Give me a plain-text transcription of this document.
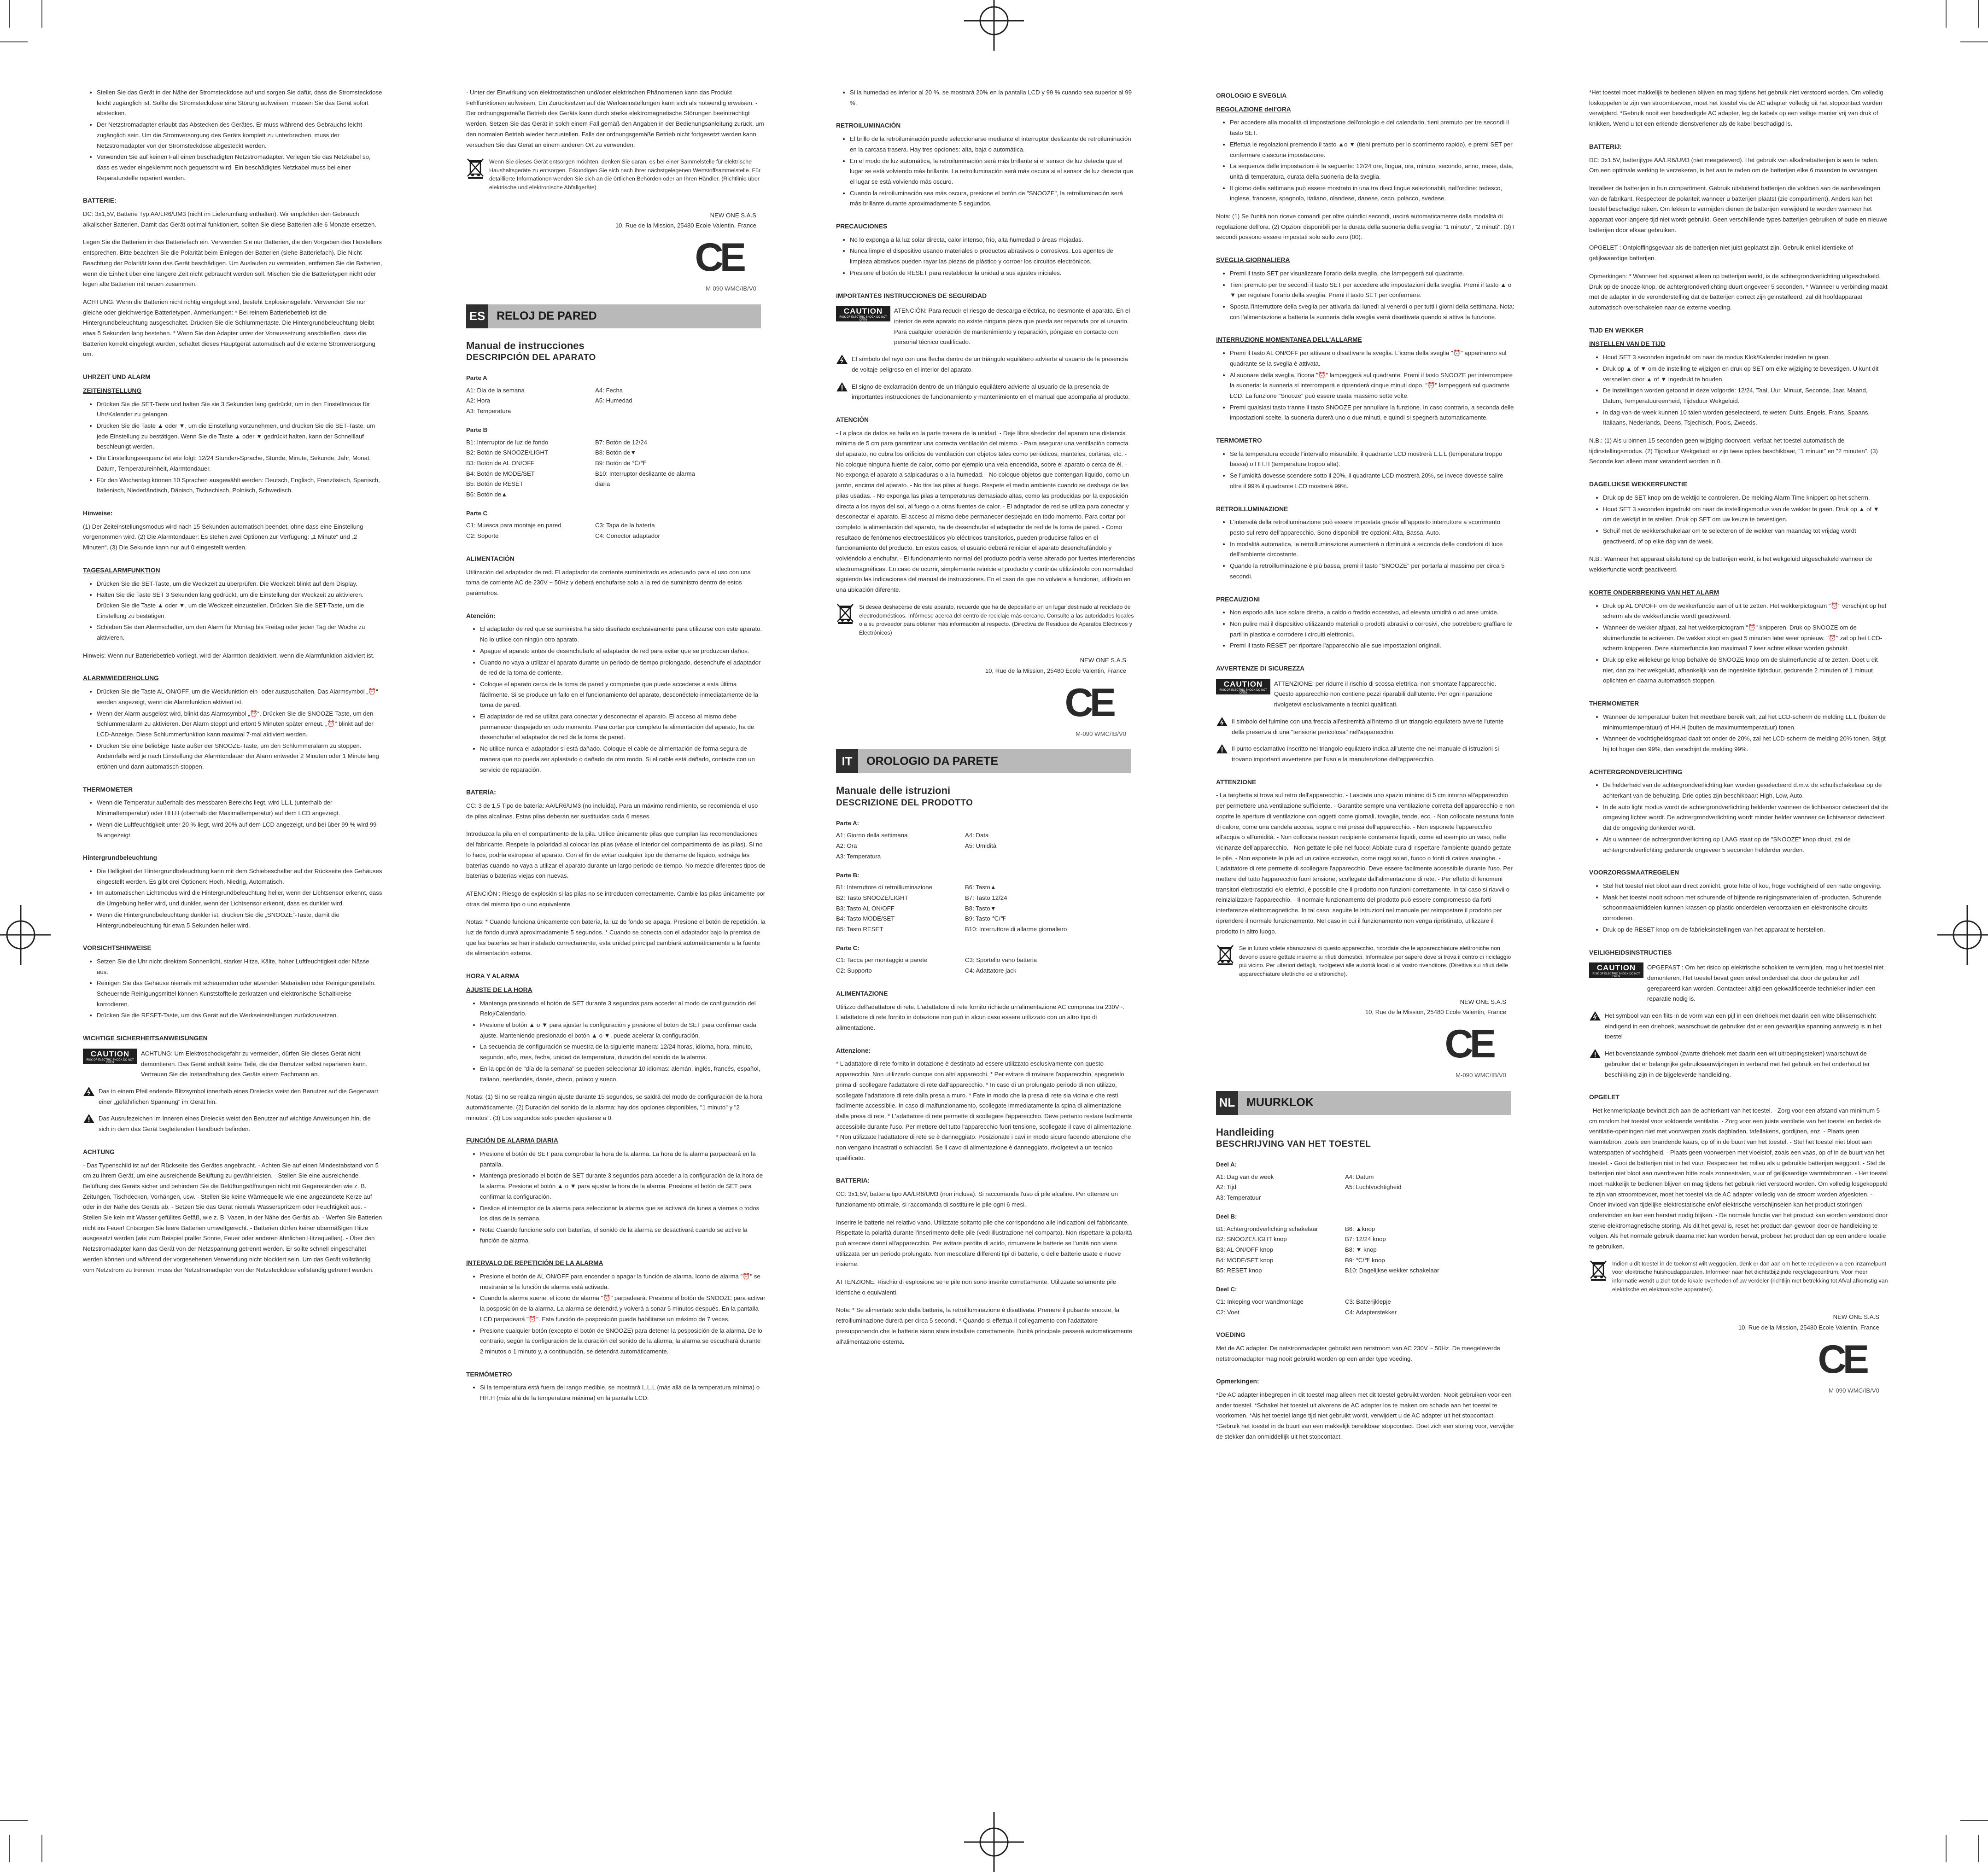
• Stellen Sie das Gerät in der Nähe der Stromsteckdose auf und sorgen Sie dafür, dass die Stromsteckdose leicht zugänglich ist. Sollte die Stromsteckdose eine Störung aufweisen, müssen Sie das Gerät sofort abstecken.
• Der Netzstromadapter erlaubt das Abstecken des Gerätes. Er muss während des Gebrauchs leicht zugänglich sein. Um die Stromversorgung des Geräts komplett zu unterbrechen, muss der Netzstromadapter von der Stromsteckdose abgesteckt werden.
• Verwenden Sie auf keinen Fall einen beschädigten Netzstromadapter. Verlegen Sie das Netzkabel so, dass es weder eingeklemmt noch gequetscht wird. Ein beschädigtes Netzkabel muss bei einer Reparaturstelle repariert werden.
BATTERIE:

DC: 3x1,5V, Batterie Typ AA/LR6/UM3 (nicht im Lieferumfang enthalten). Wir empfehlen den Gebrauch alkalischer Batterien. Damit das Gerät optimal funktioniert, sollten Sie diese Batterien alle 6 Monate ersetzen.

Legen Sie die Batterien in das Batteriefach ein. Verwenden Sie nur Batterien, die den Vorgaben des Herstellers entsprechen. Bitte beachten Sie die Polarität beim Einlegen der Batterien (siehe Batteriefach). Die Nicht-Beachtung der Polarität kann das Gerät beschädigen. Um Auslaufen zu vermeiden, entfernen Sie die Batterien, wenn die Einheit über eine längere Zeit nicht gebraucht werden soll. Mischen Sie die Batterietypen nicht oder legen alte Batterien mit neuen zusammen.

ACHTUNG: Wenn die Batterien nicht richtig eingelegt sind, besteht Explosionsgefahr. Verwenden Sie nur gleiche oder gleichwertige Batterietypen. Anmerkungen: * Bei reinem Batteriebetrieb ist die Hintergrundbeleuchtung ausgeschaltet. Drücken Sie die Schlummertaste. Die Hintergrundbeleuchtung bleibt etwa 5 Sekunden lang bestehen. * Wenn Sie den Adapter unter der Voraussetzung anschließen, dass die Batterien korrekt eingelegt wurden, schaltet dieses Hauptgerät automatisch auf die externe Stromversorgung um.

UHRZEIT UND ALARM
ZEITEINSTELLUNG
• Drücken Sie die SET-Taste und halten Sie sie 3 Sekunden lang gedrückt, um in den Einstellmodus für Uhr/Kalender zu gelangen.
• Drücken Sie die Taste ▲ oder ▼, um die Einstellung vorzunehmen, und drücken Sie die SET-Taste, um jede Einstellung zu bestätigen. Wenn Sie die Taste ▲ oder ▼ gedrückt halten, kann der Schnelllauf beschleunigt werden.
• Die Einstellungssequenz ist wie folgt: 12/24 Stunden-Sprache, Stunde, Minute, Sekunde, Jahr, Monat, Datum, Temperatureinheit, Alarmtondauer.
• Für den Wochentag können 10 Sprachen ausgewählt werden: Deutsch, Englisch, Französisch, Spanisch, Italienisch, Niederländisch, Dänisch, Tschechisch, Polnisch, Schwedisch.
Hinweise:

(1) Der Zeiteinstellungsmodus wird nach 15 Sekunden automatisch beendet, ohne dass eine Einstellung vorgenommen wird. (2) Die Alarmtondauer: Es stehen zwei Optionen zur Verfügung: „1 Minute“ und „2 Minuten“. (3) Die Sekunde kann nur auf 0 eingestellt werden.

TAGESALARMFUNKTION
• Drücken Sie die SET-Taste, um die Weckzeit zu überprüfen. Die Weckzeit blinkt auf dem Display.
• Halten Sie die Taste SET 3 Sekunden lang gedrückt, um die Einstellung der Weckzeit zu aktivieren. Drücken Sie die Taste ▲ oder ▼, um die Weckzeit einzustellen. Drücken Sie die SET-Taste, um die Einstellung zu bestätigen.
• Schieben Sie den Alarmschalter, um den Alarm für Montag bis Freitag oder jeden Tag der Woche zu aktivieren.

Hinweis: Wenn nur Batteriebetrieb vorliegt, wird der Alarmton deaktiviert, wenn die Alarmfunktion aktiviert ist.

ALARMWIEDERHOLUNG
• Drücken Sie die Taste AL ON/OFF, um die Weckfunktion ein- oder auszuschalten. Das Alarmsymbol „⏰“ werden angezeigt, wenn die Alarmfunktion aktiviert ist.
• Wenn der Alarm ausgelöst wird, blinkt das Alarmsymbol „⏰“. Drücken Sie die SNOOZE-Taste, um den Schlummeralarm zu aktivieren. Der Alarm stoppt und ertönt 5 Minuten später erneut. „⏰“ blinkt auf der LCD-Anzeige. Diese Schlummerfunktion kann maximal 7-mal aktiviert werden.
• Drücken Sie eine beliebige Taste außer der SNOOZE-Taste, um den Schlummeralarm zu stoppen. Andernfalls wird je nach Einstellung der Alarmtondauer der Alarm entweder 2 Minuten oder 1 Minute lang ertönen und dann automatisch stoppen.
THERMOMETER
• Wenn die Temperatur außerhalb des messbaren Bereichs liegt, wird LL.L (unterhalb der Minimaltemperatur) oder HH.H (oberhalb der Maximaltemperatur) auf dem LCD angezeigt.
• Wenn die Luftfeuchtigkeit unter 20 % liegt, wird 20% auf dem LCD angezeigt, und bei über 99 % wird 99 % angezeigt.
Hintergrundbeleuchtung
• Die Helligkeit der Hintergrundbeleuchtung kann mit dem Schiebeschalter auf der Rückseite des Gehäuses eingestellt werden. Es gibt drei Optionen: Hoch, Niedrig, Automatisch.
• Im automatischen Lichtmodus wird die Hintergrundbeleuchtung heller, wenn der Lichtsensor erkennt, dass die Umgebung heller wird, und dunkler, wenn der Lichtsensor erkennt, dass es dunkler wird.
• Wenn die Hintergrundbeleuchtung dunkler ist, drücken Sie die „SNOOZE“-Taste, damit die Hintergrundbeleuchtung für etwa 5 Sekunden heller wird.
VORSICHTSHINWEISE
• Setzen Sie die Uhr nicht direktem Sonnenlicht, starker Hitze, Kälte, hoher Luftfeuchtigkeit oder Nässe aus.
• Reinigen Sie das Gehäuse niemals mit scheuernden oder ätzenden Materialien oder Reinigungsmitteln. Scheuernde Reinigungsmittel können Kunststoffteile zerkratzen und elektronische Schaltkreise korrodieren.
• Drücken Sie die RESET-Taste, um das Gerät auf die Werkseinstellungen zurückzusetzen.
WICHTIGE SICHERHEITSANWEISUNGEN
CAUTION
RISK OF ELECTRIC SHOCK DO NOT OPEN
ACHTUNG: Um Elektroschockgefahr zu vermeiden, dürfen Sie dieses Gerät nicht demontieren. Das Gerät enthält keine Teile, die der Benutzer selbst reparieren kann. Vertrauen Sie die Instandhaltung des Geräts einem Fachmann an.
Das in einem Pfeil endende Blitzsymbol innerhalb eines Dreiecks weist den Benutzer auf die Gegenwart einer „gefährlichen Spannung“ im Gerät hin.
Das Ausrufezeichen im Inneren eines Dreiecks weist den Benutzer auf wichtige Anweisungen hin, die sich in dem das Gerät begleitenden Handbuch befinden.
ACHTUNG

- Das Typenschild ist auf der Rückseite des Gerätes angebracht. - Achten Sie auf einen Mindestabstand von 5 cm zu Ihrem Gerät, um eine ausreichende Belüftung zu gewährleisten. - Stellen Sie eine ausreichende Belüftung des Geräts sicher und behindern Sie die Belüftungsöffnungen nicht mit Gegenständen wie z. B. Zeitungen, Tischdecken, Vorhängen, usw. - Stellen Sie keine Wärmequelle wie eine angezündete Kerze auf oder in der Nähe des Geräts ab. - Setzen Sie das Gerät niemals Wasserspritzern oder Feuchtigkeit aus. - Stellen Sie kein mit Wasser gefülltes Gefäß, wie z. B. Vasen, in der Nähe des Geräts ab. - Werfen Sie Batterien nicht ins Feuer! Entsorgen Sie leere Batterien umweltgerecht. - Batterien dürfen keiner übermäßigen Hitze ausgesetzt werden (wie zum Beispiel praller Sonne, Feuer oder anderen ähnlichen Hitzequellen). - Über den Netzstromadapter kann das Gerät von der Netzspannung getrennt werden. Er sollte schnell eingeschaltet werden können und während der vorgesehenen Verwendung nicht blockiert sein. Um das Gerät vollständig vom Netzstrom zu trennen, muss der Netzstromadapter von der Netzsteckdose vollständig getrennt werden.

- Unter der Einwirkung von elektrostatischen und/oder elektrischen Phänomenen kann das Produkt Fehlfunktionen aufweisen. Ein Zurücksetzen auf die Werkseinstellungen kann sich als notwendig erweisen. - Der ordnungsgemäße Betrieb des Geräts kann durch starke elektromagnetische Störungen beeinträchtigt werden. Setzen Sie das Gerät in solch einem Fall gemäß den Angaben in der Bedienungsanleitung zurück, um den normalen Betrieb wieder herzustellen. Falls der ordnungsgemäße Betrieb nicht fortgesetzt werden kann, versuchen Sie das Gerät an einem anderen Ort zu verwenden.

Wenn Sie dieses Gerät entsorgen möchten, denken Sie daran, es bei einer Sammelstelle für elektrische Haushaltsgeräte zu entsorgen. Erkundigen Sie sich nach Ihrer nächstgelegenen Wertstoffsammelstelle. Für detaillierte Informationen wenden Sie sich an die örtlichen Behörden oder an Ihren Händler. (Richtlinie über elektrische und elektronische Abfallgeräte).
NEW ONE S.A.S
10, Rue de la Mission, 25480 Ecole Valentin, France
CE
M-090 WMC/IB/V0
ES RELOJ DE PARED
Manual de instrucciones
DESCRIPCIÓN DEL APARATO
Parte A
A1: Día de la semana	A4: Fecha
A2: Hora	A5: Humedad
A3: Temperatura	
Parte B
B1: Interruptor de luz de fondo	B7: Botón de 12/24
B2: Botón de SNOOZE/LIGHT	B8: Botón de▼
B3: Botón de AL ON/OFF	B9: Botón de ℃/℉
B4: Botón de MODE/SET	B10: Interruptor deslizante de alarma
B5: Botón de RESET	diaria
B6: Botón de▲	
Parte C
C1: Muesca para montaje en pared	C3: Tapa de la batería
C2: Soporte	C4: Conector adaptador
ALIMENTACIÓN

Utilización del adaptador de red. El adaptador de corriente suministrado es adecuado para el uso con una toma de corriente AC de 230V ~ 50Hz y deberá enchufarse solo a la red de suministro dentro de estos parámetros.

Atención:
• El adaptador de red que se suministra ha sido diseñado exclusivamente para utilizarse con este aparato. No lo utilice con ningún otro aparato.
• Apague el aparato antes de desenchufarlo al adaptador de red para evitar que se produzcan daños.
• Cuando no vaya a utilizar el aparato durante un periodo de tiempo prolongado, desenchufe el adaptador de red de la toma de corriente.
• Coloque el aparato cerca de la toma de pared y compruebe que puede accederse a esta última fácilmente. Si se produce un fallo en el funcionamiento del aparato, desconéctelo inmediatamente de la toma de pared.
• El adaptador de red se utiliza para conectar y desconectar el aparato. El acceso al mismo debe permanecer despejado en todo momento. Para cortar por completo la alimentación del aparato, ha de desenchufar el adaptador de red de la toma de pared.
• No utilice nunca el adaptador si está dañado. Coloque el cable de alimentación de forma segura de manera que no pueda ser aplastado o dañado de otro modo. Si el cable está dañado, contacte con un servicio de reparación.
BATERÍA:

CC: 3 de 1,5 Tipo de batería: AA/LR6/UM3 (no incluida). Para un máximo rendimiento, se recomienda el uso de pilas alcalinas. Estas pilas deberán ser sustituidas cada 6 meses.

Introduzca la pila en el compartimento de la pila. Utilice únicamente pilas que cumplan las recomendaciones del fabricante. Respete la polaridad al colocar las pilas (véase el interior del compartimento de las pilas). Si no lo hace, podría estropear el aparato. Con el fin de evitar cualquier tipo de derrame de líquido, extraiga las baterías cuando no vaya a utilizar el aparato durante un largo periodo de tiempo. No mezcle diferentes tipos de baterías o baterías viejas con nuevas.

ATENCIÓN : Riesgo de explosión si las pilas no se introducen correctamente. Cambie las pilas únicamente por otras del mismo tipo o uno equivalente.

Notas: * Cuando funciona únicamente con batería, la luz de fondo se apaga. Presione el botón de repetición, la luz de fondo durará aproximadamente 5 segundos. * Cuando se conecta con el adaptador bajo la premisa de que las baterías se han instalado correctamente, esta unidad principal cambiará automáticamente a la fuente de alimentación externa.

HORA Y ALARMA
AJUSTE DE LA HORA
• Mantenga presionado el botón de SET durante 3 segundos para acceder al modo de configuración del Reloj/Calendario.
• Presione el botón ▲ o ▼ para ajustar la configuración y presione el botón de SET para confirmar cada ajuste. Manteniendo presionado el botón ▲ o ▼, puede acelerar la configuración.
• La secuencia de configuración se muestra de la siguiente manera: 12/24 horas, idioma, hora, minuto, segundo, año, mes, fecha, unidad de temperatura, duración del sonido de la alarma.
• En la opción de "día de la semana" se pueden seleccionar 10 idiomas: alemán, inglés, francés, español, italiano, neerlandés, danés, checo, polaco y sueco.

Notas: (1) Si no se realiza ningún ajuste durante 15 segundos, se saldrá del modo de configuración de la hora automáticamente. (2) Duración del sonido de la alarma: hay dos opciones disponibles, "1 minuto" y "2 minutos". (3) Los segundos solo pueden ajustarse a 0.

FUNCIÓN DE ALARMA DIARIA
• Presione el botón de SET para comprobar la hora de la alarma. La hora de la alarma parpadeará en la pantalla.
• Mantenga presionado el botón de SET durante 3 segundos para acceder a la configuración de la hora de la alarma. Presione el botón ▲ o ▼ para ajustar la hora de la alarma. Presione el botón de SET para confirmar la configuración.
• Deslice el interruptor de la alarma para seleccionar la alarma que se activará de lunes a viernes o todos los días de la semana.
• Nota: Cuando funcione solo con baterías, el sonido de la alarma se desactivará cuando se active la función de alarma.
INTERVALO DE REPETICIÓN DE LA ALARMA
• Presione el botón de AL ON/OFF para encender o apagar la función de alarma. Icono de alarma "⏰" se mostrarán si la función de alarma está activada.
• Cuando la alarma suene, el icono de alarma "⏰" parpadeará. Presione el botón de SNOOZE para activar la posposición de la alarma. La alarma se detendrá y volverá a sonar 5 minutos después. En la pantalla LCD parpadeará "⏰". Esta función de posposición puede habilitarse un máximo de 7 veces.
• Presione cualquier botón (excepto el botón de SNOOZE) para detener la posposición de la alarma. De lo contrario, según la configuración de la duración del sonido de la alarma, la alarma se escuchará durante 2 minutos o 1 minuto y, a continuación, se detendrá automáticamente.
TERMÓMETRO
• Si la temperatura está fuera del rango medible, se mostrará L.L.L (más allá de la temperatura mínima) o HH.H (más allá de la temperatura máxima) en la pantalla LCD.
• Si la humedad es inferior al 20 %, se mostrará 20% en la pantalla LCD y 99 % cuando sea superior al 99 %.
RETROILUMINACIÓN
• El brillo de la retroiluminación puede seleccionarse mediante el interruptor deslizante de retroiluminación en la carcasa trasera. Hay tres opciones: alta, baja o automática.
• En el modo de luz automática, la retroiluminación será más brillante si el sensor de luz detecta que el lugar se está volviendo más brillante. La retroiluminación será más oscura si el sensor de luz detecta que el lugar se está volviendo más oscuro.
• Cuando la retroiluminación sea más oscura, presione el botón de "SNOOZE", la retroiluminación será más brillante durante aproximadamente 5 segundos.
PRECAUCIONES
• No lo exponga a la luz solar directa, calor intenso, frío, alta humedad o áreas mojadas.
• Nunca limpie el dispositivo usando materiales o productos abrasivos o corrosivos. Los agentes de limpieza abrasivos pueden rayar las piezas de plástico y corroer los circuitos electrónicos.
• Presione el botón de RESET para restablecer la unidad a sus ajustes iniciales.
IMPORTANTES INSTRUCCIONES DE SEGURIDAD
CAUTION
RISK OF ELECTRIC SHOCK DO NOT OPEN
ATENCIÓN: Para reducir el riesgo de descarga eléctrica, no desmonte el aparato. En el interior de este aparato no existe ninguna pieza que pueda ser reparada por el usuario. Para cualquier operación de mantenimiento y reparación, póngase en contacto con personal técnico cualificado.
El símbolo del rayo con una flecha dentro de un triángulo equilátero advierte al usuario de la presencia de voltaje peligroso en el interior del aparato.
El signo de exclamación dentro de un triángulo equilátero advierte al usuario de la presencia de importantes instrucciones de funcionamiento y mantenimiento en el manual que acompaña al producto.
ATENCIÓN

- La placa de datos se halla en la parte trasera de la unidad. - Deje libre alrededor del aparato una distancia mínima de 5 cm para garantizar una correcta ventilación del mismo. - Para asegurar una ventilación correcta del aparato, no cubra los orificios de ventilación con objetos tales como periódicos, manteles, cortinas, etc. - No coloque ninguna fuente de calor, como por ejemplo una vela encendida, sobre el aparato o cerca de él. - No exponga el aparato a salpicaduras o a la humedad. - No coloque objetos que contengan líquido, como un jarrón, encima del aparato. - No tire las pilas al fuego. Respete el medio ambiente cuando se deshaga de las pilas usadas. - No exponga las pilas a temperaturas demasiado altas, como las producidas por la exposición directa a los rayos del sol, al fuego o a otras fuentes de calor. - El adaptador de red se utiliza para conectar y desconectar el aparato. El acceso al mismo debe permanecer despejado en todo momento. Para cortar por completo la alimentación del aparato, ha de desenchufar el adaptador de red de la toma de pared. - Como resultado de fenómenos electroestáticos y/o eléctricos transitorios, pueden producirse fallos en el funcionamiento del producto. En estos casos, el usuario deberá reiniciar el aparato desenchufándolo y volviéndolo a enchufar. - El funcionamiento normal del producto podría verse alterado por fuertes interferencias electromagnéticas. En caso de ocurrir, simplemente reinicie el producto y continúe utilizándolo con normalidad siguiendo las indicaciones del manual de instrucciones. En el caso de que no volviera a funcionar, utilícelo en una ubicación diferente.

Si desea deshacerse de este aparato, recuerde que ha de depositarlo en un lugar destinado al reciclado de electrodomésticos. Infórmese acerca del centro de reciclaje más cercano. Consulte a las autoridades locales o a su proveedor para obtener más información al respecto. (Directiva de Residuos de Aparatos Eléctricos y Electrónicos)
NEW ONE S.A.S
10, Rue de la Mission, 25480 Ecole Valentin, France
CE
M-090 WMC/IB/V0
IT	OROLOGIO DA PARETE
Manuale delle istruzioni
DESCRIZIONE DEL PRODOTTO
Parte A:
A1: Giorno della settimana	A4: Data
A2: Ora	A5: Umidità
A3: Temperatura	
Parte B:
B1: Interruttore di retroilluminazione	B6: Tasto▲
B2: Tasto SNOOZE/LIGHT	B7: Tasto 12/24
B3: Tasto AL ON/OFF	B8: Tasto▼
B4: Tasto MODE/SET	B9: Tasto ℃/℉
B5: Tasto RESET	B10: Interruttore di allarme giornaliero
Parte C:
C1: Tacca per montaggio a parete	C3: Sportello vano batteria
C2: Supporto	C4: Adattatore jack
ALIMENTAZIONE

Utilizzo dell'adattatore di rete. L'adattatore di rete fornito richiede un'alimentazione AC compresa tra 230V~. L'adattatore di rete fornito in dotazione non può in alcun caso essere utilizzato con un altro tipo di alimentazione.

Attenzione:

* L'adattatore di rete fornito in dotazione è destinato ad essere utilizzato esclusivamente con questo apparecchio. Non utilizzarlo dunque con altri apparecchi. * Per evitare di rovinare l'apparecchio, spegnetelo prima di scollegare l'adattatore di rete dall'apparecchio. * In caso di un prolungato periodo di non utilizzo, scollegate l'adattatore di rete dalla presa a muro. * Fate in modo che la presa di rete sia vicina e che resti facilmente accessibile. In caso di malfunzionamento, scollegate immediatamente la spina di alimentazione dalla presa di rete. * L'adattatore di rete permette di scollegare l'apparecchio. Deve pertanto restare facilmente accessibile durante l'uso. Per mettere del tutto l'apparecchio fuori tensione, scollegate il cavo di alimentazione. * Non utilizzate l'adattatore di rete se è danneggiato. Posizionate i cavi in modo sicuro facendo attenzione che non vengano incastrati o schiacciati. Se il cavo di alimentazione è danneggiato, rivolgetevi a un tecnico qualificato.

BATTERIA:

CC: 3x1,5V, batteria tipo AA/LR6/UM3 (non inclusa). Si raccomanda l'uso di pile alcaline. Per ottenere un funzionamento ottimale, si raccomanda di sostituire le pile ogni 6 mesi.

Inserire le batterie nel relativo vano. Utilizzate soltanto pile che corrispondono alle indicazioni del fabbricante. Rispettate la polarità durante l'inserimento delle pile (vedi illustrazione nel comparto). Non rispettare la polarità può arrecare danni all'apparecchio. Per evitare perdite di acido, rimuovere le batterie se l'unità non viene utilizzata per un periodo prolungato. Non mescolare differenti tipi di batterie, o delle batterie usate e nuove insieme.

ATTENZIONE: Rischio di esplosione se le pile non sono inserite correttamente. Utilizzate solamente pile identiche o equivalenti.

Nota: * Se alimentato solo dalla batteria, la retroilluminazione è disattivata. Premere il pulsante snooze, la retroilluminazione durerà per circa 5 secondi. * Quando si effettua il collegamento con l'adattatore presupponendo che le batterie siano state installate correttamente, l'unità principale passerà automaticamente all'alimentazione esterna.

OROLOGIO E SVEGLIA
REGOLAZIONE dell'ORA
• Per accedere alla modalità di impostazione dell'orologio e del calendario, tieni premuto per tre secondi il tasto SET.
• Effettua le regolazioni premendo il tasto ▲o ▼ (tieni premuto per lo scorrimento rapido), e premi SET per confermare ciascuna impostazione.
• La sequenza delle impostazioni è la seguente: 12/24 ore, lingua, ora, minuto, secondo, anno, mese, data, unità di temperatura, durata della suoneria della sveglia.
• Il giorno della settimana può essere mostrato in una tra dieci lingue selezionabili, nell'ordine: tedesco, inglese, francese, spagnolo, italiano, olandese, danese, ceco, polacco, svedese.

Nota: (1) Se l'unità non riceve comandi per oltre quindici secondi, uscirà automaticamente dalla modalità di regolazione dell'ora. (2) Opzioni disponibili per la durata della suoneria della sveglia: "1 minuto", "2 minuti". (3) I secondi possono essere impostati solo sullo zero (00).

SVEGLIA GIORNALIERA
• Premi il tasto SET per visualizzare l'orario della sveglia, che lampeggerà sul quadrante.
• Tieni premuto per tre secondi il tasto SET per accedere alle impostazioni della sveglia. Premi il tasto ▲ o ▼ per regolare l'orario della sveglia. Premi il tasto SET per confermare.
• Sposta l'interruttore della sveglia per attivarla dal lunedì al venerdì o per tutti i giorni della settimana. Nota: con l'alimentazione a batteria la suoneria della sveglia verrà disattivata quando si attiva la funzione.
INTERRUZIONE MOMENTANEA DELL'ALLARME
• Premi il tasto AL ON/OFF per attivare o disattivare la sveglia. L'icona della sveglia "⏰" appariranno sul quadrante se la sveglia è attivata.
• Al suonare della sveglia, l'icona "⏰" lampeggerà sul quadrante. Premi il tasto SNOOZE per interrompere la suoneria: la suoneria si interromperà e riprenderà cinque minuti dopo. "⏰" lampeggerà sul quadrante LCD. La funzione "Snooze" può essere usata massimo sette volte.
• Premi qualsiasi tasto tranne il tasto SNOOZE per annullare la funzione. In caso contrario, a seconda delle impostazioni scelte, la suoneria durerà uno o due minuti, e quindi si spegnerà automaticamente.
TERMOMETRO
• Se la temperatura eccede l'intervallo misurabile, il quadrante LCD mostrerà L.L.L (temperatura troppo bassa) o HH.H (temperatura troppo alta).
• Se l'umidità dovesse scendere sotto il 20%, il quadrante LCD mostrerà 20%, se invece dovesse salire oltre il 99% il quadrante LCD mostrerà 99%.
RETROILLUMINAZIONE
• L'intensità della retroilluminazione può essere impostata grazie all'apposito interruttore a scorrimento posto sul retro dell'apparecchio. Sono disponibili tre opzioni: Alta, Bassa, Auto.
• In modalità automatica, la retroilluminazione aumenterà o diminuirà a seconda delle condizioni di luce dell'ambiente circostante.
• Quando la retroilluminazione è più bassa, premi il tasto "SNOOZE" per portarla al massimo per circa 5 secondi.
PRECAUZIONI
• Non esporlo alla luce solare diretta, a caldo o freddo eccessivo, ad elevata umidità o ad aree umide.
• Non pulire mai il dispositivo utilizzando materiali o prodotti abrasivi o corrosivi, che potrebbero graffiare le parti in plastica e corrodere i circuiti elettronici.
• Premi il tasto RESET per riportare l'apparecchio alle sue impostazioni originali.
AVVERTENZE DI SICUREZZA
CAUTION
RISK OF ELECTRIC SHOCK DO NOT OPEN
ATTENZIONE: per ridurre il rischio di scossa elettrica, non smontate l'apparecchio. Questo apparecchio non contiene pezzi riparabili dall'utente. Per ogni riparazione rivolgetevi esclusivamente a tecnici qualificati.
Il simbolo del fulmine con una freccia all'estremità all'interno di un triangolo equilatero avverte l'utente della presenza di una "tensione pericolosa" nell'apparecchio.
Il punto esclamativo inscritto nel triangolo equilatero indica all'utente che nel manuale di istruzioni si trovano importanti avvertenze per l'uso e la manutenzione dell'apparecchio.
ATTENZIONE

- La targhetta si trova sul retro dell'apparecchio. - Lasciate uno spazio minimo di 5 cm intorno all'apparecchio per permettere una ventilazione sufficiente. - Garantite sempre una ventilazione corretta dell'apparecchio e non coprite le aperture di ventilazione con oggetti come giornali, tovaglie, tende, ecc. - Non collocate nessuna fonte di calore, come una candela accesa, sopra o nei pressi dell'apparecchio. - Non esponete l'apparecchio all'acqua o all'umidità. - Non collocate nessun recipiente contenente liquidi, come ad esempio un vaso, nelle vicinanze dell'apparecchio. - Non gettate le pile nel fuoco! Abbiate cura di rispettare l'ambiente quando gettate le pile. - Non esponete le pile ad un calore eccessivo, come raggi solari, fuoco o fonti di calore analoghe. - L'adattatore di rete permette di scollegare l'apparecchio. Deve essere facilmente accessibile durante l'uso. Per mettere del tutto l'apparecchio fuori tensione, scollegate dall'alimentazione di rete. - Per effetto di fenomeni transitori elettrostatici e/o elettrici, è possibile che il prodotto non funzioni correttamente. In tal caso si riavvii o reinizializzare l'apparecchio. - Il normale funzionamento del prodotto può essere compromesso da forti interferenze elettromagnetiche. In tal caso, seguite le istruzioni nel manuale per reimpostare il prodotto per riprendere il normale funzionamento. Nel caso in cui il funzionamento non venga ripristinato, utilizzare il prodotto in altro luogo.

Se in futuro volete sbarazzarvi di questo apparecchio, ricordate che le apparecchiature elettroniche non devono essere gettate insieme ai rifiuti domestici. Informatevi per sapere dove si trova il centro di riciclaggio più vicino. Per ulteriori dettagli, rivolgetevi alle autorità locali o al vostro rivenditore. (Direttiva sui rifiuti delle apparecchiature elettriche ed elettroniche).
NEW ONE S.A.S
10, Rue de la Mission, 25480 Ecole Valentin, France
CE
M-090 WMC/IB/V0
NL MUURKLOK
Handleiding
BESCHRIJVING VAN HET TOESTEL
Deel A:
A1: Dag van de week	A4: Datum
A2: Tijd	A5: Luchtvochtigheid
A3: Temperatuur	
Deel B:
B1: Achtergrondverlichting schakelaar	B6: ▲knop
B2: SNOOZE/LIGHT knop	B7: 12/24 knop
B3: AL ON/OFF knop	B8: ▼ knop
B4: MODE/SET knop	B9: ℃/℉ knop
B5: RESET knop	B10: Dagelijkse wekker schakelaar
Deel C:
C1: Inkeping voor wandmontage	C3: Batterijklepje
C2: Voet	C4: Adapterstekker
VOEDING

Met de AC adapter. De netstroomadapter gebruikt een netstroom van AC 230V ~ 50Hz. De meegeleverde netstroomadapter mag nooit gebruikt worden op een ander type voeding.

Opmerkingen:

*De AC adapter inbegrepen in dit toestel mag alleen met dit toestel gebruikt worden. Nooit gebruiken voor een ander toestel. *Schakel het toestel uit alvorens de AC adapter los te maken om schade aan het toestel te voorkomen. *Als het toestel lange tijd niet gebruikt wordt, verwijdert u de AC adapter uit het stopcontact. *Gebruik het toestel in de buurt van een makkelijk bereikbaar stopcontact. Doet zich een storing voor, verwijder de stekker dan onmiddellijk uit het stopcontact.

*Het toestel moet makkelijk te bedienen blijven en mag tijdens het gebruik niet verstoord worden. Om volledig loskoppelen te zijn van stroomtoevoer, moet het toestel via de AC adapter volledig uit het stopcontact worden verwijderd. *Gebruik nooit een beschadigde AC adapter, leg de kabels op een veilige manier vrij van druk of knikken. Wend u tot een erkende dienstverlener als de kabel beschadigd is.

BATTERIJ:

DC: 3x1,5V, batterijtype AA/LR6/UM3 (niet meegeleverd). Het gebruik van alkalinebatterijen is aan te raden. Om een optimale werking te verzekeren, is het aan te raden om de batterijen elke 6 maanden te vervangen.

Installeer de batterijen in hun compartiment. Gebruik uitsluitend batterijen die voldoen aan de aanbevelingen van de fabrikant. Respecteer de polariteit wanneer u batterijen plaatst (zie compartiment). Anders kan het toestel beschadigd raken. Om lekken te vermijden dienen de batterijen verwijderd te worden wanneer het apparaat voor langere tijd niet wordt gebruikt. Geen verschillende types batterijen gebruiken of oude en nieuwe batterijen door elkaar gebruiken.

OPGELET : Ontploffingsgevaar als de batterijen niet juist geplaatst zijn. Gebruik enkel identieke of gelijkwaardige batterijen.

Opmerkingen: * Wanneer het apparaat alleen op batterijen werkt, is de achtergrondverlichting uitgeschakeld. Druk op de snooze-knop, de achtergrondverlichting duurt ongeveer 5 seconden. * Wanneer u verbinding maakt met de adapter in de veronderstelling dat de batterijen correct zijn geïnstalleerd, zal dit hoofdapparaat automatisch overschakelen naar de externe voeding.

TIJD EN WEKKER
INSTELLEN VAN DE TIJD
• Houd SET 3 seconden ingedrukt om naar de modus Klok/Kalender instellen te gaan.
• Druk op ▲ of ▼ om de instelling te wijzigen en druk op SET om elke wijziging te bevestigen. U kunt dit versnellen door ▲ of ▼ ingedrukt te houden.
• De instellingen worden getoond in deze volgorde: 12/24, Taal, Uur, Minuut, Seconde, Jaar, Maand, Datum, Temperatuureenheid, Tijdsduur Wekgeluid.
• In dag-van-de-week kunnen 10 talen worden geselecteerd, te weten: Duits, Engels, Frans, Spaans, Italiaans, Nederlands, Deens, Tsjechisch, Pools, Zweeds.

N.B.: (1) Als u binnen 15 seconden geen wijziging doorvoert, verlaat het toestel automatisch de tijdinstellingsmodus. (2) Tijdsduur Wekgeluid: er zijn twee opties beschikbaar, "1 minuut" en "2 minuten". (3) Seconde kan alleen maar veranderd worden in 0.

DAGELIJKSE WEKKERFUNCTIE
• Druk op de SET knop om de wektijd te controleren. De melding Alarm Time knippert op het scherm.
• Houd SET 3 seconden ingedrukt om naar de instellingsmodus van de wekker te gaan. Druk op ▲ of ▼ om de wektijd in te stellen. Druk op SET om uw keuze te bevestigen.
• Schuif met de wekkerschakelaar om te selecteren of de wekker van maandag tot vrijdag wordt geactiveerd, of op elke dag van de week.

N.B.: Wanneer het apparaat uitsluitend op de batterijen werkt, is het wekgeluid uitgeschakeld wanneer de wekkerfunctie wordt geactiveerd.

KORTE ONDERBREKING VAN HET ALARM
• Druk op AL ON/OFF om de wekkerfunctie aan of uit te zetten. Het wekkerpictogram "⏰" verschijnt op het scherm als de wekkerfunctie wordt geactiveerd.
• Wanneer de wekker afgaat, zal het wekkerpictogram "⏰" knipperen. Druk op SNOOZE om de sluimerfunctie te activeren. De wekker stopt en gaat 5 minuten later weer opnieuw. "⏰" zal op het LCD-scherm knipperen. Deze sluimerfunctie kan maximaal 7 keer achter elkaar worden gebruikt.
• Druk op elke willekeurige knop behalve de SNOOZE knop om de sluimerfunctie af te zetten. Doet u dit niet, dan zal het wekgeluid, afhankelijk van de ingestelde tijdsduur, gedurende 2 minuten of 1 minuut oplichten en daarna automatisch stoppen.
THERMOMETER
• Wanneer de temperatuur buiten het meetbare bereik valt, zal het LCD-scherm de melding LL.L (buiten de minimumtemperatuur) of HH.H (buiten de maximumtemperatuur) tonen.
• Wanneer de vochtigheidsgraad daalt tot onder de 20%, zal het LCD-scherm de melding 20% tonen. Stijgt hij tot hoger dan 99%, dan verschijnt de melding 99%.
ACHTERGRONDVERLICHTING
• De helderheid van de achtergrondverlichting kan worden geselecteerd d.m.v. de schuifschakelaar op de achterkant van de behuizing. Drie opties zijn beschikbaar: High, Low, Auto.
• In de auto light modus wordt de achtergrondverlichting helderder wanneer de lichtsensor detecteert dat de omgeving lichter wordt. De achtergrondverlichting wordt minder helder wanneer de lichtsensor detecteert dat de omgeving donkerder wordt.
• Als u wanneer de achtergrondverlichting op LAAG staat op de "SNOOZE" knop drukt, zal de achtergrondverlichting gedurende ongeveer 5 seconden helderder worden.
VOORZORGSMAATREGELEN
• Stel het toestel niet bloot aan direct zonlicht, grote hitte of kou, hoge vochtigheid of een natte omgeving.
• Maak het toestel nooit schoon met schurende of bijtende reinigingsmaterialen of -producten. Schurende schoonmaakmiddelen kunnen krassen op plastic onderdelen veroorzaken en elektronische circuits corroderen.
• Druk op de RESET knop om de fabrieksinstellingen van het apparaat te herstellen.
VEILIGHEIDSINSTRUCTIES
CAUTION
RISK OF ELECTRIC SHOCK DO NOT OPEN
OPGEPAST : Om het risico op elektrische schokken te vermijden, mag u het toestel niet demonteren. Het toestel bevat geen enkel onderdeel dat door de gebruiker zelf gerepareerd kan worden. Contacteer altijd een gekwalificeerde technieker indien een reparatie nodig is.
Het symbool van een flits in de vorm van een pijl in een driehoek met daarin een witte bliksemschicht eindigend in een driehoek, waarschuwt de gebruiker dat er een gevaarlijke spanning aanwezig is in het toestel
Het bovenstaande symbool (zwarte driehoek met daarin een wit uitroepingsteken) waarschuwt de gebruiker dat er belangrijke gebruiksaanwijzingen in verband met het gebruik en het onderhoud ter beschikking zijn in de bijgeleverde handleiding.
OPGELET

- Het kenmerkplaatje bevindt zich aan de achterkant van het toestel. - Zorg voor een afstand van minimum 5 cm rondom het toestel voor voldoende ventilatie. - Zorg voor een juiste ventilatie van het toestel en bedek de ventilatie-openingen niet met voorwerpen zoals dagbladen, tafellakens, gordijnen, enz. - Plaats geen warmtebron, zoals een brandende kaars, op of in de buurt van het toestel. - Stel het toestel niet bloot aan waterspatten of vochtigheid. - Plaats geen voorwerpen met vloeistof, zoals een vaas, op of in de buurt van het toestel. - Gooi de batterijen niet in het vuur. Respecteer het milieu als u gebruikte batterijen weggooit. - Stel de batterijen niet bloot aan overdreven hitte zoals zonnestralen, vuur of gelijkaardige warmtebronnen. - Het toestel moet makkelijk te bedienen blijven en mag tijdens het gebruik niet verstoord worden. Om volledig losgekoppeld te zijn van stroomtoevoer, moet het toestel via de AC adapter volledig van de stroom worden afgesloten. - Onder invloed van tijdelijke elektrostatische en/of elektrische verschijnselen kan het product storingen ondervinden en kan een herstart nodig blijken. - De normale functie van het product kan worden verstoord door sterke elektromagnetische storing. Als dit het geval is, reset het product dan gewoon door de handleiding te volgen. Als het normale gebruik daarna niet kan worden hervat, probeer het product dan op een andere locatie te gebruiken.

Indien u dit toestel in de toekomst wilt weggooien, denk er dan aan om het te recycleren via een inzamelpunt voor elektrische huishoudapparaten. Informeer naar het dichtstbijzijnde recyclagecentrum. Voor meer informatie wendt u zich tot de lokale overheden of uw verdeler (richtlijn met betrekking tot Afval afkomstig van elektrische en elektronische apparaten).
NEW ONE S.A.S
10, Rue de la Mission, 25480 Ecole Valentin, France
CE
M-090 WMC/IB/V0
